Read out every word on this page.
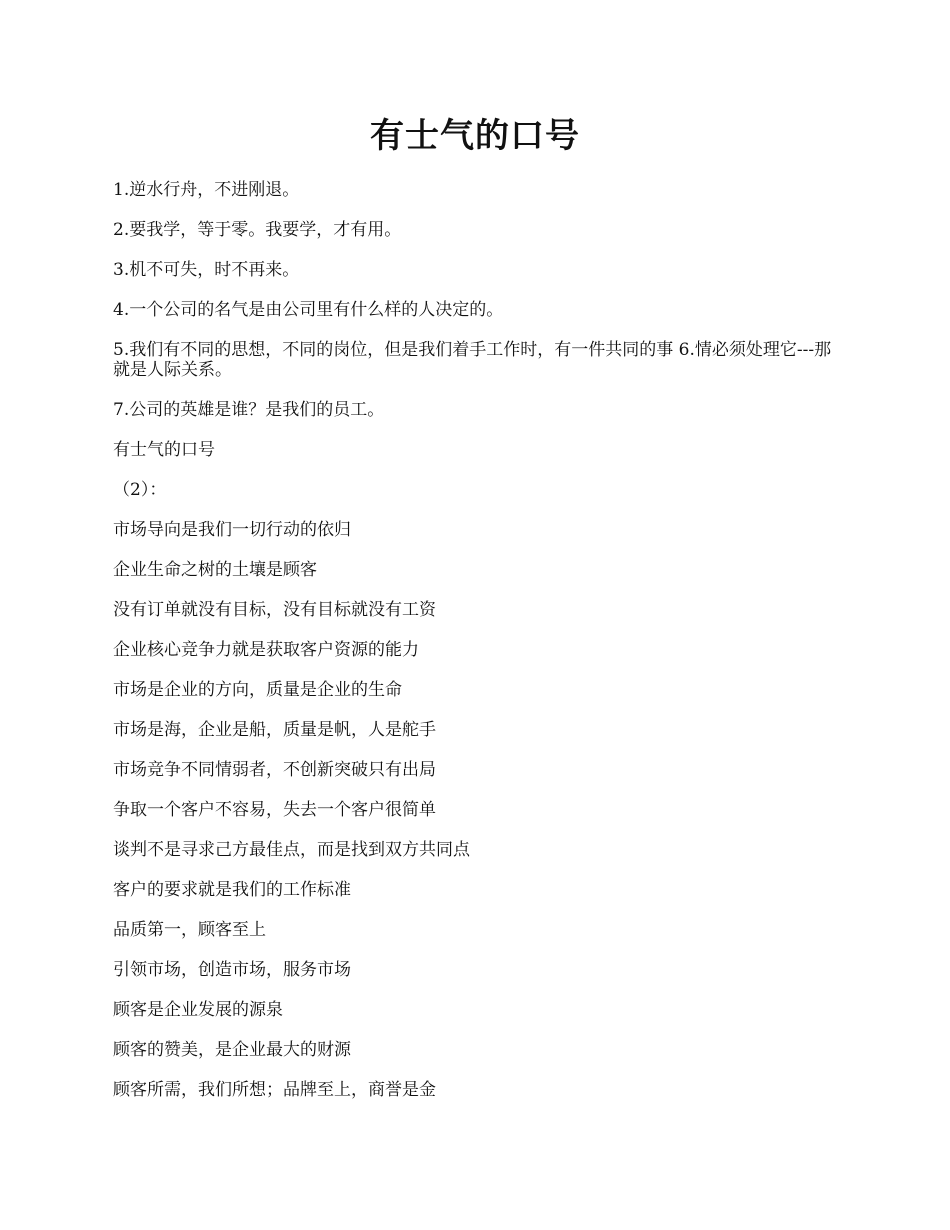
有士气的口号

1.逆水行舟，不进刚退。

2.要我学，等于零。我要学，才有用。

3.机不可失，时不再来。

4.一个公司的名气是由公司里有什么样的人决定的。

5.我们有不同的思想，不同的岗位，但是我们着手工作时，有一件共同的事 6.情必须处理它---那就是人际关系。

7.公司的英雄是谁？是我们的员工。

有士气的口号

（2）：

市场导向是我们一切行动的依归

企业生命之树的土壤是顾客

没有订单就没有目标，没有目标就没有工资

企业核心竞争力就是获取客户资源的能力

市场是企业的方向，质量是企业的生命

市场是海，企业是船，质量是帆，人是舵手

市场竞争不同情弱者，不创新突破只有出局

争取一个客户不容易，失去一个客户很简单

谈判不是寻求己方最佳点，而是找到双方共同点

客户的要求就是我们的工作标准

品质第一，顾客至上

引领市场，创造市场，服务市场

顾客是企业发展的源泉

顾客的赞美，是企业最大的财源

顾客所需，我们所想；品牌至上，商誉是金
